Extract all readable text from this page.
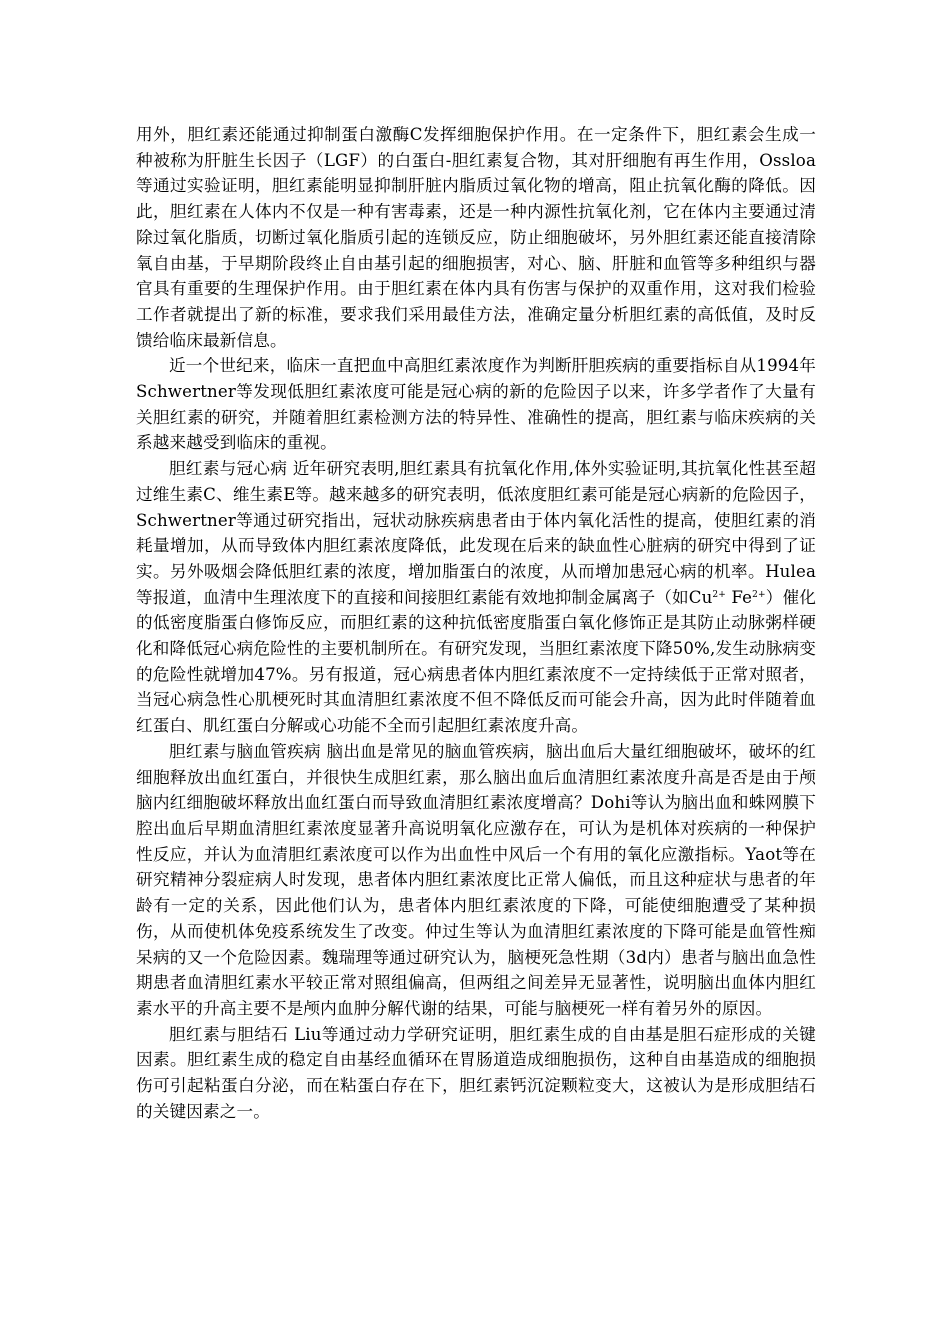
用外，胆红素还能通过抑制蛋白激酶C发挥细胞保护作用。在一定条件下，胆红素会生成一种被称为肝脏生长因子（LGF）的白蛋白-胆红素复合物，其对肝细胞有再生作用，Ossloa等通过实验证明，胆红素能明显抑制肝脏内脂质过氧化物的增高，阻止抗氧化酶的降低。因此，胆红素在人体内不仅是一种有害毒素，还是一种内源性抗氧化剂，它在体内主要通过清除过氧化脂质，切断过氧化脂质引起的连锁反应，防止细胞破坏，另外胆红素还能直接清除氧自由基，于早期阶段终止自由基引起的细胞损害，对心、脑、肝脏和血管等多种组织与器官具有重要的生理保护作用。由于胆红素在体内具有伤害与保护的双重作用，这对我们检验工作者就提出了新的标准，要求我们采用最佳方法，准确定量分析胆红素的高低值，及时反馈给临床最新信息。

近一个世纪来，临床一直把血中高胆红素浓度作为判断肝胆疾病的重要指标自从1994年Schwertner等发现低胆红素浓度可能是冠心病的新的危险因子以来，许多学者作了大量有关胆红素的研究，并随着胆红素检测方法的特异性、准确性的提高，胆红素与临床疾病的关系越来越受到临床的重视。

胆红素与冠心病 近年研究表明,胆红素具有抗氧化作用,体外实验证明,其抗氧化性甚至超过维生素C、维生素E等。越来越多的研究表明，低浓度胆红素可能是冠心病新的危险因子，Schwertner等通过研究指出，冠状动脉疾病患者由于体内氧化活性的提高，使胆红素的消耗量增加，从而导致体内胆红素浓度降低，此发现在后来的缺血性心脏病的研究中得到了证实。另外吸烟会降低胆红素的浓度，增加脂蛋白的浓度，从而增加患冠心病的机率。Hulea等报道，血清中生理浓度下的直接和间接胆红素能有效地抑制金属离子（如$Cu^{2+}$ $Fe^{2+}$）催化的低密度脂蛋白修饰反应，而胆红素的这种抗低密度脂蛋白氧化修饰正是其防止动脉粥样硬化和降低冠心病危险性的主要机制所在。有研究发现，当胆红素浓度下降50%,发生动脉病变的危险性就增加47%。另有报道，冠心病患者体内胆红素浓度不一定持续低于正常对照者，当冠心病急性心肌梗死时其血清胆红素浓度不但不降低反而可能会升高，因为此时伴随着血红蛋白、肌红蛋白分解或心功能不全而引起胆红素浓度升高。

胆红素与脑血管疾病 脑出血是常见的脑血管疾病，脑出血后大量红细胞破坏，破坏的红细胞释放出血红蛋白，并很快生成胆红素，那么脑出血后血清胆红素浓度升高是否是由于颅脑内红细胞破坏释放出血红蛋白而导致血清胆红素浓度增高？Dohi等认为脑出血和蛛网膜下腔出血后早期血清胆红素浓度显著升高说明氧化应激存在，可认为是机体对疾病的一种保护性反应，并认为血清胆红素浓度可以作为出血性中风后一个有用的氧化应激指标。Yaot等在研究精神分裂症病人时发现，患者体内胆红素浓度比正常人偏低，而且这种症状与患者的年龄有一定的关系，因此他们认为，患者体内胆红素浓度的下降，可能使细胞遭受了某种损伤，从而使机体免疫系统发生了改变。仲过生等认为血清胆红素浓度的下降可能是血管性痴呆病的又一个危险因素。魏瑞理等通过研究认为，脑梗死急性期（3d内）患者与脑出血急性期患者血清胆红素水平较正常对照组偏高，但两组之间差异无显著性，说明脑出血体内胆红素水平的升高主要不是颅内血肿分解代谢的结果，可能与脑梗死一样有着另外的原因。

胆红素与胆结石 Liu等通过动力学研究证明，胆红素生成的自由基是胆石症形成的关键因素。胆红素生成的稳定自由基经血循环在胃肠道造成细胞损伤，这种自由基造成的细胞损伤可引起粘蛋白分泌，而在粘蛋白存在下，胆红素钙沉淀颗粒变大，这被认为是形成胆结石的关键因素之一。
